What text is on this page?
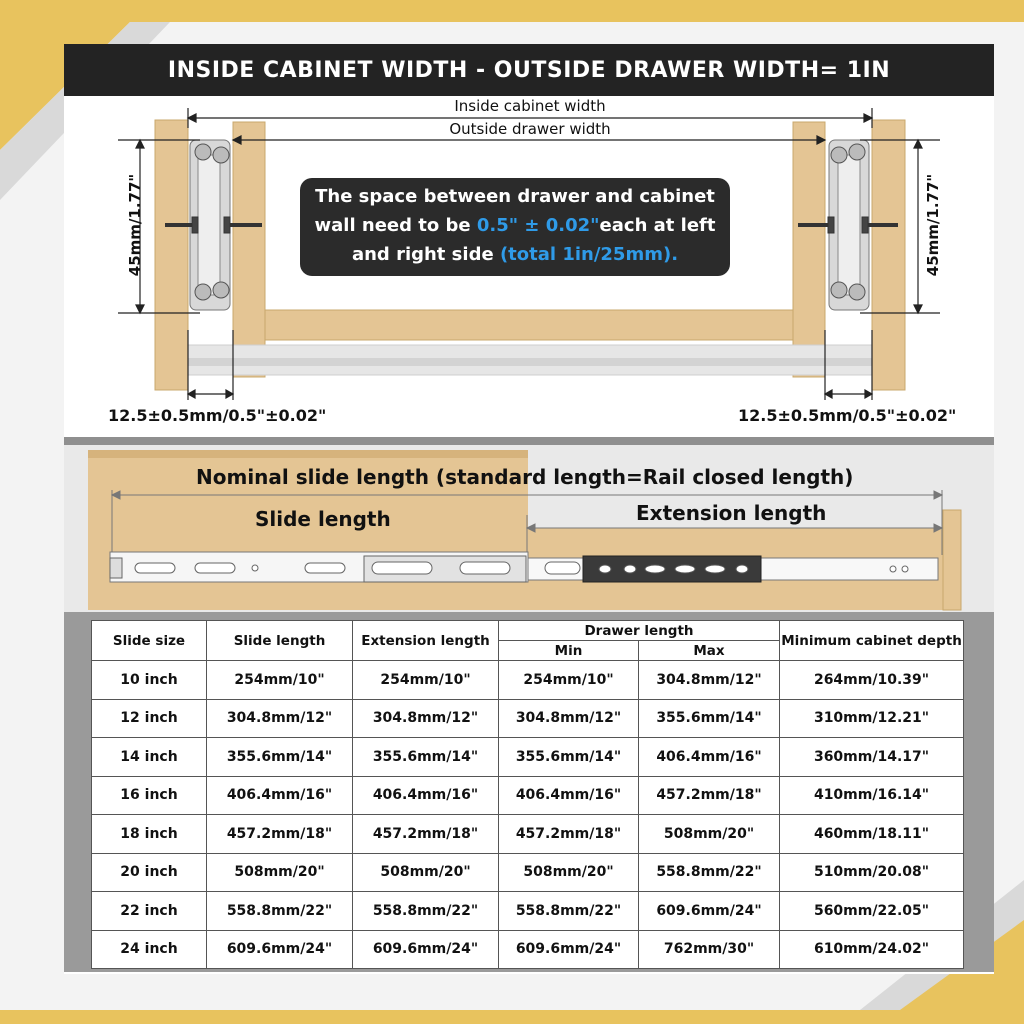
INSIDE CABINET WIDTH - OUTSIDE DRAWER WIDTH= 1IN
Inside cabinet width
Outside drawer width
45mm/1.77"	45mm/1.77"
12.5±0.5mm/0.5"±0.02"	12.5±0.5mm/0.5"±0.02"
The space between drawer and cabinet wall need to be 0.5" ± 0.02"each at left and right side (total 1in/25mm).
Nominal slide length (standard length=Rail closed length)
Slide length	Extension length
Slide size	Slide length	Extension length	Drawer length		Minimum cabinet depth
			Min	Max	
10 inch	254mm/10"	254mm/10"	254mm/10"	304.8mm/12"	264mm/10.39"
12 inch	304.8mm/12"	304.8mm/12"	304.8mm/12"	355.6mm/14"	310mm/12.21"
14 inch	355.6mm/14"	355.6mm/14"	355.6mm/14"	406.4mm/16"	360mm/14.17"
16 inch	406.4mm/16"	406.4mm/16"	406.4mm/16"	457.2mm/18"	410mm/16.14"
18 inch	457.2mm/18"	457.2mm/18"	457.2mm/18"	508mm/20"	460mm/18.11"
20 inch	508mm/20"	508mm/20"	508mm/20"	558.8mm/22"	510mm/20.08"
22 inch	558.8mm/22"	558.8mm/22"	558.8mm/22"	609.6mm/24"	560mm/22.05"
24 inch	609.6mm/24"	609.6mm/24"	609.6mm/24"	762mm/30"	610mm/24.02"
